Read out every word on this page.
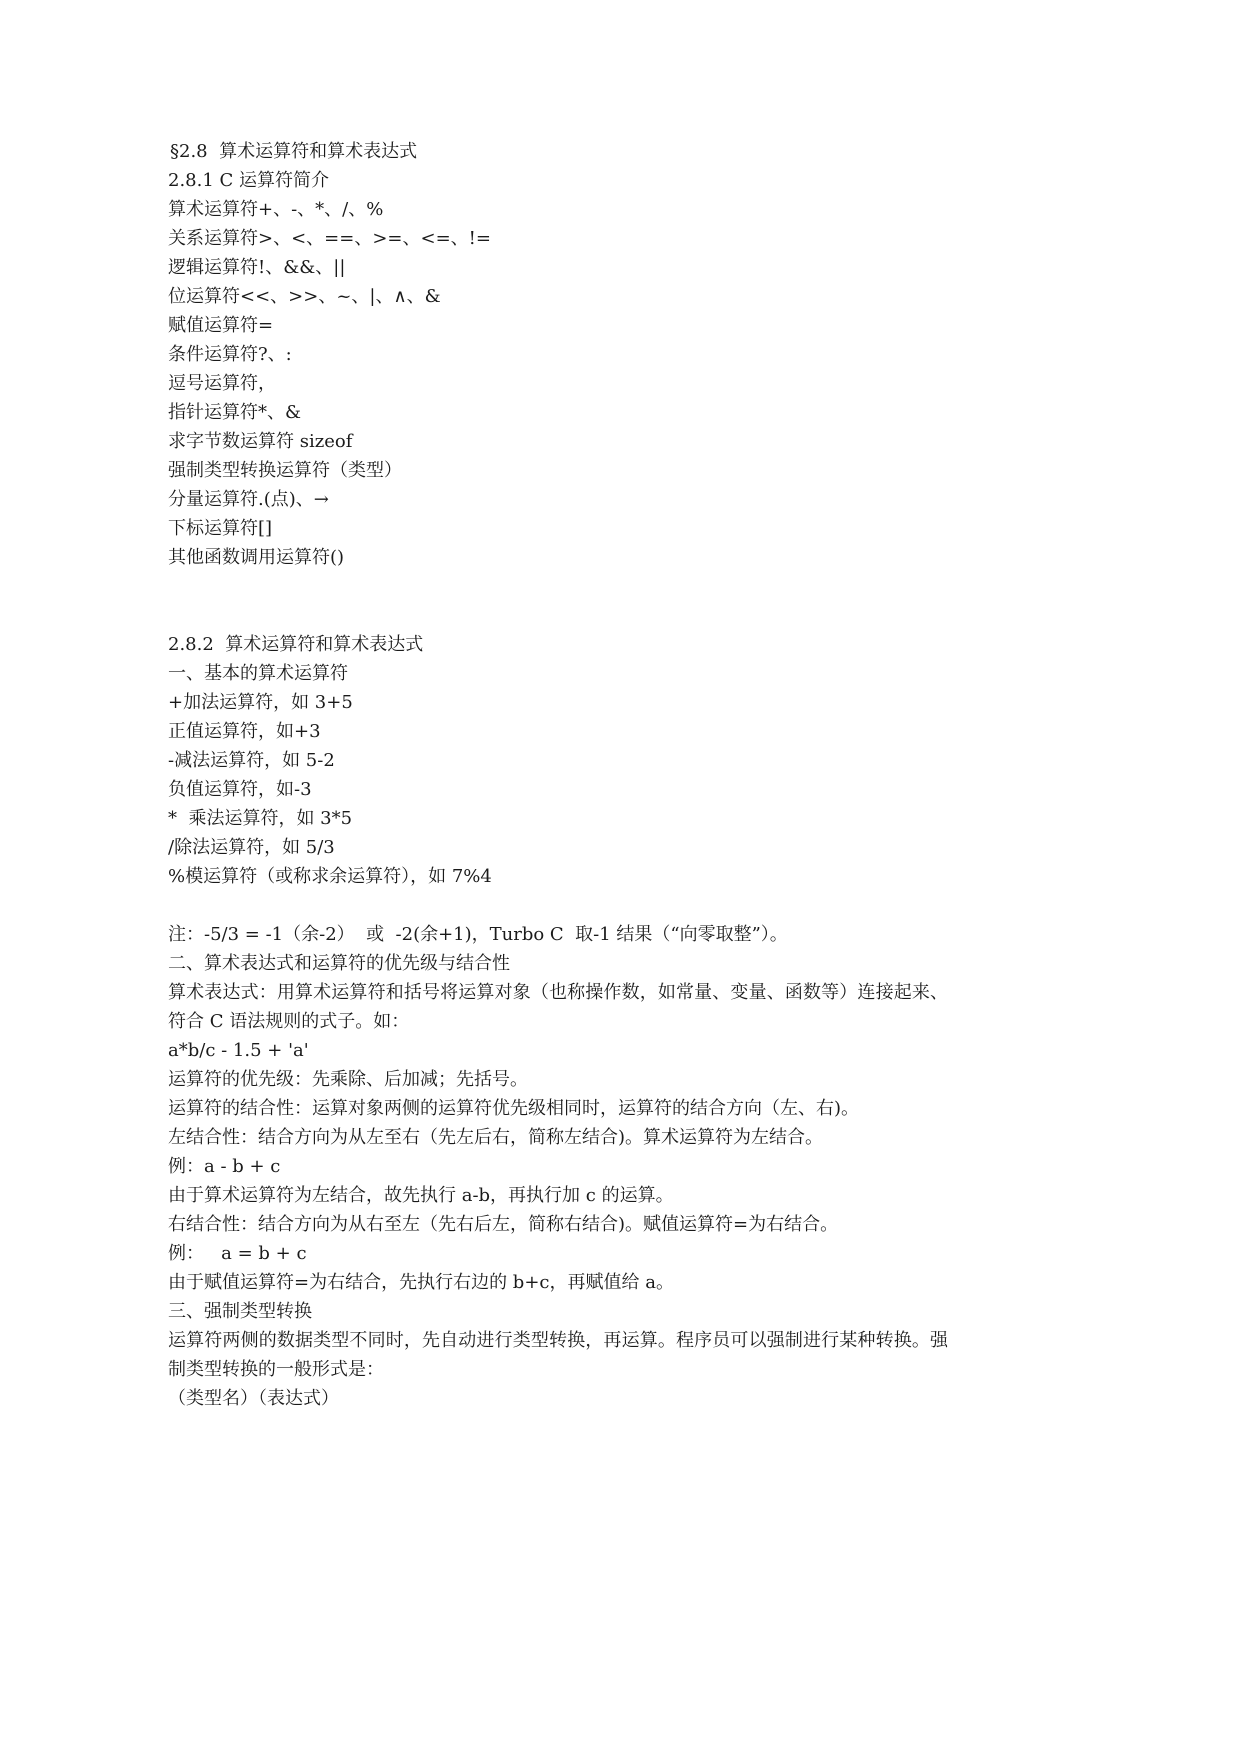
§2.8  算术运算符和算术表达式
2.8.1 C 运算符简介
算术运算符+、-、*、/、%
关系运算符>、<、==、>=、<=、!=
逻辑运算符!、&&、||
位运算符<<、>>、~、|、∧、&
赋值运算符=
条件运算符?、:
逗号运算符，
指针运算符*、&
求字节数运算符 sizeof
强制类型转换运算符（类型）
分量运算符.(点)、→
下标运算符[]
其他函数调用运算符()
2.8.2  算术运算符和算术表达式
一、基本的算术运算符
+加法运算符，如 3+5
正值运算符，如+3
-减法运算符，如 5-2
负值运算符，如-3
*  乘法运算符，如 3*5
/除法运算符，如 5/3
%模运算符（或称求余运算符），如 7%4
注：-5/3 = -1（余-2）  或  -2(余+1)，Turbo C  取-1 结果（“向零取整”）。
二、算术表达式和运算符的优先级与结合性
算术表达式：用算术运算符和括号将运算对象（也称操作数，如常量、变量、函数等）连接起来、符合 C 语法规则的式子。如：
a*b/c - 1.5 + 'a'
运算符的优先级：先乘除、后加减；先括号。
运算符的结合性：运算对象两侧的运算符优先级相同时，运算符的结合方向（左、右)。
左结合性：结合方向为从左至右（先左后右，简称左结合)。算术运算符为左结合。
例：a - b + c
由于算术运算符为左结合，故先执行 a-b，再执行加 c 的运算。
右结合性：结合方向为从右至左（先右后左，简称右结合)。赋值运算符=为右结合。
例：   a = b + c
由于赋值运算符=为右结合，先执行右边的 b+c，再赋值给 a。
三、强制类型转换
运算符两侧的数据类型不同时，先自动进行类型转换，再运算。程序员可以强制进行某种转换。强制类型转换的一般形式是：
（类型名）（表达式）
